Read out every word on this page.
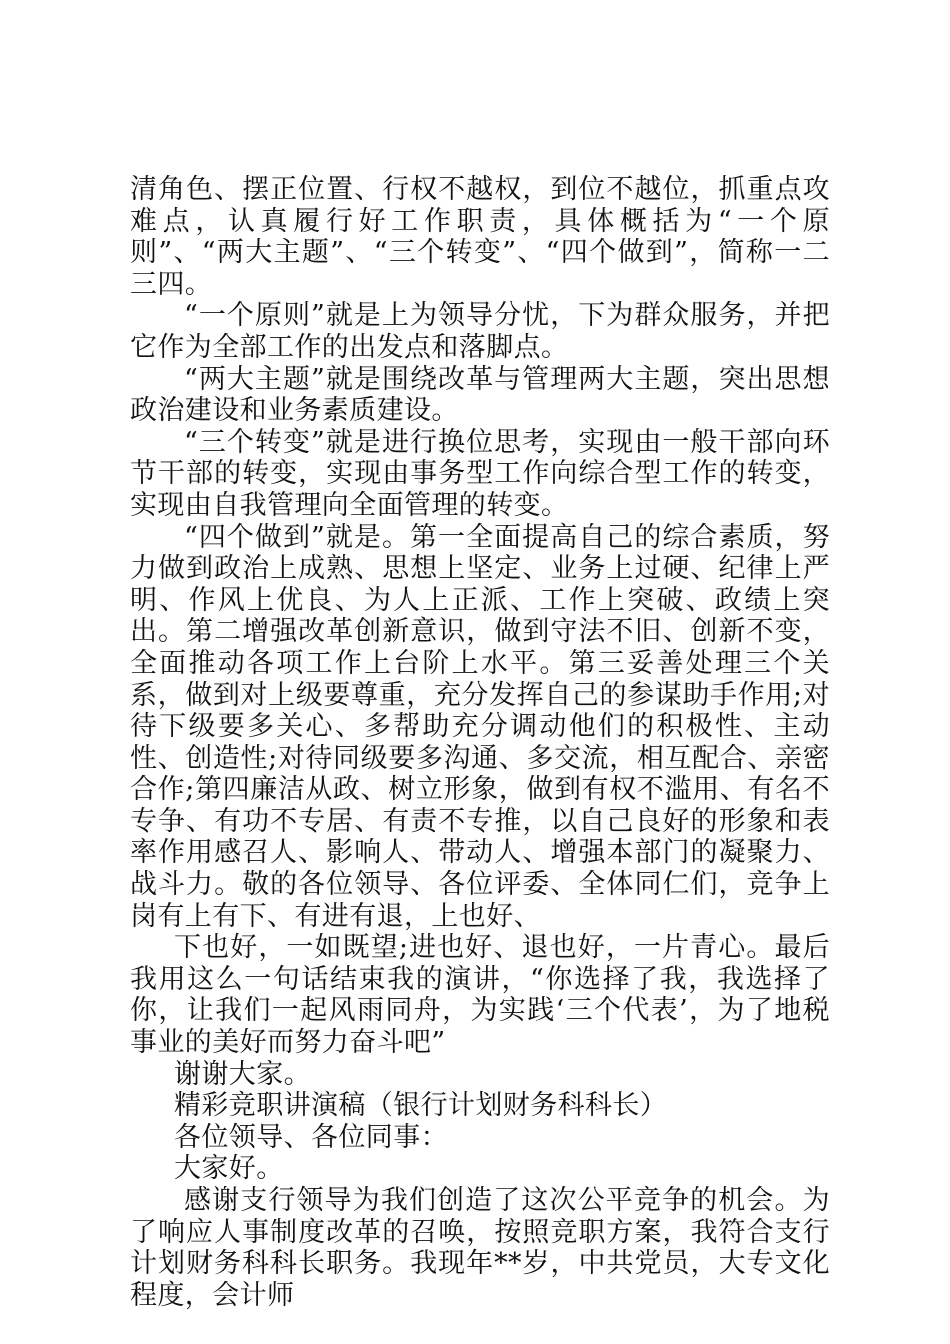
清角色、摆正位置、行权不越权，到位不越位，抓重点攻难点，认真履行好工作职责，具体概括为“一个原则”、“两大主题”、“三个转变”、“四个做到”，简称一二三四。

“一个原则”就是上为领导分忧，下为群众服务，并把它作为全部工作的出发点和落脚点。

“两大主题”就是围绕改革与管理两大主题，突出思想政治建设和业务素质建设。

“三个转变”就是进行换位思考，实现由一般干部向环节干部的转变，实现由事务型工作向综合型工作的转变，实现由自我管理向全面管理的转变。

“四个做到”就是。第一全面提高自己的综合素质，努力做到政治上成熟、思想上坚定、业务上过硬、纪律上严明、作风上优良、为人上正派、工作上突破、政绩上突出。第二增强改革创新意识，做到守法不旧、创新不变，全面推动各项工作上台阶上水平。第三妥善处理三个关系，做到对上级要尊重，充分发挥自己的参谋助手作用;对待下级要多关心、多帮助充分调动他们的积极性、主动性、创造性;对待同级要多沟通、多交流，相互配合、亲密合作;第四廉洁从政、树立形象，做到有权不滥用、有名不专争、有功不专居、有责不专推，以自己良好的形象和表率作用感召人、影响人、带动人、增强本部门的凝聚力、战斗力。敬的各位领导、各位评委、全体同仁们，竞争上岗有上有下、有进有退，上也好、

下也好，一如既望;进也好、退也好，一片青心。最后我用这么一句话结束我的演讲，“你选择了我，我选择了你，让我们一起风雨同舟，为实践‘三个代表’，为了地税事业的美好而努力奋斗吧”

谢谢大家。

精彩竞职讲演稿（银行计划财务科科长）

各位领导、各位同事：

大家好。

感谢支行领导为我们创造了这次公平竞争的机会。为了响应人事制度改革的召唤，按照竞职方案，我符合支行计划财务科科长职务。我现年**岁，中共党员，大专文化程度，会计师
